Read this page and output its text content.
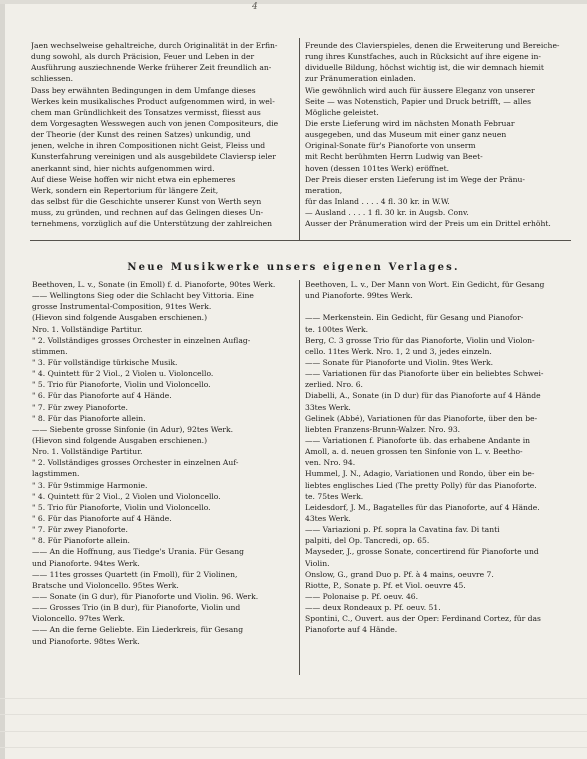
4
Jaen wechselweise gehaltreiche, durch Originalität in der Erfin-
dung sowohl, als durch Präcision, Feuer und Leben in der
Ausführung ausziechnende Werke früherer Zeit freundlich an-
schliessen.
Dass bey erwähnten Bedingungen in dem Umfange dieses
Werkes kein musikalisches Product aufgenommen wird, in wel-
chem man Gründlichkeit des Tonsatzes vermisst, fliesst aus
dem Vorgesagten Wesswegen auch von jenen Compositeurs, die
der Theorie (der Kunst des reinen Satzes) unkundig, und
jenen, welche in ihren Compositionen nicht Geist, Fleiss und
Kunsterfahrung vereinigen und als ausgebildete Claviersp ieler
anerkannt sind, hier nichts aufgenommen wird.
Auf diese Weise hoffen wir nicht etwa ein ephemeres
Werk, sondern ein Repertorium für längere Zeit,
das selbst für die Geschichte unserer Kunst von Werth seyn
muss, zu gründen, und rechnen auf das Gelingen dieses Un-
ternehmens, vorzüglich auf die Unterstützung der zahlreichen
Freunde des Clavierspieles, denen die Erweiterung und Bereiche-
rung ihres Kunstfaches, auch in Rücksicht auf ihre eigene in-
dividuelle Bildung, höchst wichtig ist, die wir demnach hiemit
zur Pränumeration einladen.
Wie gewöhnlich wird auch für äussere Eleganz von unserer
Seite — was Notenstich, Papier und Druck betrifft, — alles
Mögliche geleistet.
Die erste Lieferung wird im nächsten Monath Februar
ausgegeben, und das Museum mit einer ganz neuen
Original-Sonate für's Pianoforte von unserm
mit Recht berühmten Herrn Ludwig van Beet-
hoven (dessen 101tes Werk) eröffnet.
Der Preis dieser ersten Lieferung ist im Wege der Pränu-
meration,
für das Inland . . . . 4 fl. 30 kr. in W.W.
— Ausland . . . . 1 fl. 30 kr. in Augsb. Conv.
Ausser der Pränumeration wird der Preis um ein Drittel erhöht.
Neue Musikwerke unsers eigenen Verlages.
Beethoven, L. v., Sonate (in Emoll) f. d. Pianoforte, 90tes Werk.
—— Wellingtons Sieg oder die Schlacht bey Vittoria. Eine
grosse Instrumental-Composition, 91tes Werk.
(Hievon sind folgende Ausgaben erschienen.)
Nro. 1. Vollständige Partitur.
" 2. Vollständiges grosses Orchester in einzelnen Auflag-
stimmen.
" 3. Für vollständige türkische Musik.
" 4. Quintett für 2 Viol., 2 Violen u. Violoncello.
" 5. Trio für Pianoforte, Violin und Violoncello.
" 6. Für das Pianoforte auf 4 Hände.
" 7. Für zwey Pianoforte.
" 8. Für das Pianoforte allein.
—— Siebente grosse Sinfonie (in Adur), 92tes Werk.
(Hievon sind folgende Ausgaben erschienen.)
Nro. 1. Vollständige Partitur.
" 2. Vollständiges grosses Orchester in einzelnen Auf-
lagstimmen.
" 3. Für 9stimmige Harmonie.
" 4. Quintett für 2 Viol., 2 Violen und Violoncello.
" 5. Trio für Pianoforte, Violin und Violoncello.
" 6. Für das Pianoforte auf 4 Hände.
" 7. Für zwey Pianoforte.
" 8. Für Pianoforte allein.
—— An die Hoffnung, aus Tiedge's Urania. Für Gesang
und Pianoforte. 94tes Werk.
—— 11tes grosses Quartett (in Fmoll), für 2 Violinen,
Bratsche und Violoncello. 95tes Werk.
—— Sonate (in G dur), für Pianoforte und Violin. 96. Werk.
—— Grosses Trio (in B dur), für Pianoforte, Violin und
Violoncello. 97tes Werk.
—— An die ferne Geliebte. Ein Liederkreis, für Gesang
und Pianoforte. 98tes Werk.
Beethoven, L. v., Der Mann von Wort. Ein Gedicht, für Gesang
und Pianoforte. 99tes Werk.
—— Merkenstein. Ein Gedicht, für Gesang und Pianofor-
te. 100tes Werk.
Berg, C. 3 grosse Trio für das Pianoforte, Violin und Violon-
cello. 11tes Werk. Nro. 1, 2 und 3, jedes einzeln.
—— Sonate für Pianoforte und Violin. 9tes Werk.
—— Variationen für das Pianoforte über ein beliebtes Schwei-
zerlied. Nro. 6.
Diabelli, A., Sonate (in D dur) für das Pianoforte auf 4 Hände
33tes Werk.
Gelinek (Abbé), Variationen für das Pianoforte, über den be-
liebten Franzens-Brunn-Walzer. Nro. 93.
—— Variationen f. Pianoforte üb. das erhabene Andante in
Amoll, a. d. neuen grossen ten Sinfonie von L. v. Beetho-
ven. Nro. 94.
Hummel, J. N., Adagio, Variationen und Rondo, über ein be-
liebtes englisches Lied (The pretty Polly) für das Pianoforte.
te. 75tes Werk.
Leidesdorf, J. M., Bagatelles für das Pianoforte, auf 4 Hände.
43tes Werk.
—— Variazioni p. Pf. sopra la Cavatina fav. Di tanti
palpiti, del Op. Tancredi, op. 65.
Mayseder, J., grosse Sonate, concertirend für Pianoforte und
Violin.
Onslow, G., grand Duo p. Pf. à 4 mains, oeuvre 7.
Riotte, P., Sonate p. Pf. et Viol. oeuvre 45.
—— Polonaise p. Pf. oeuv. 46.
—— deux Rondeaux p. Pf. oeuv. 51.
Spontini, C., Ouvert. aus der Oper: Ferdinand Cortez, für das
Pianoforte auf 4 Hände.
